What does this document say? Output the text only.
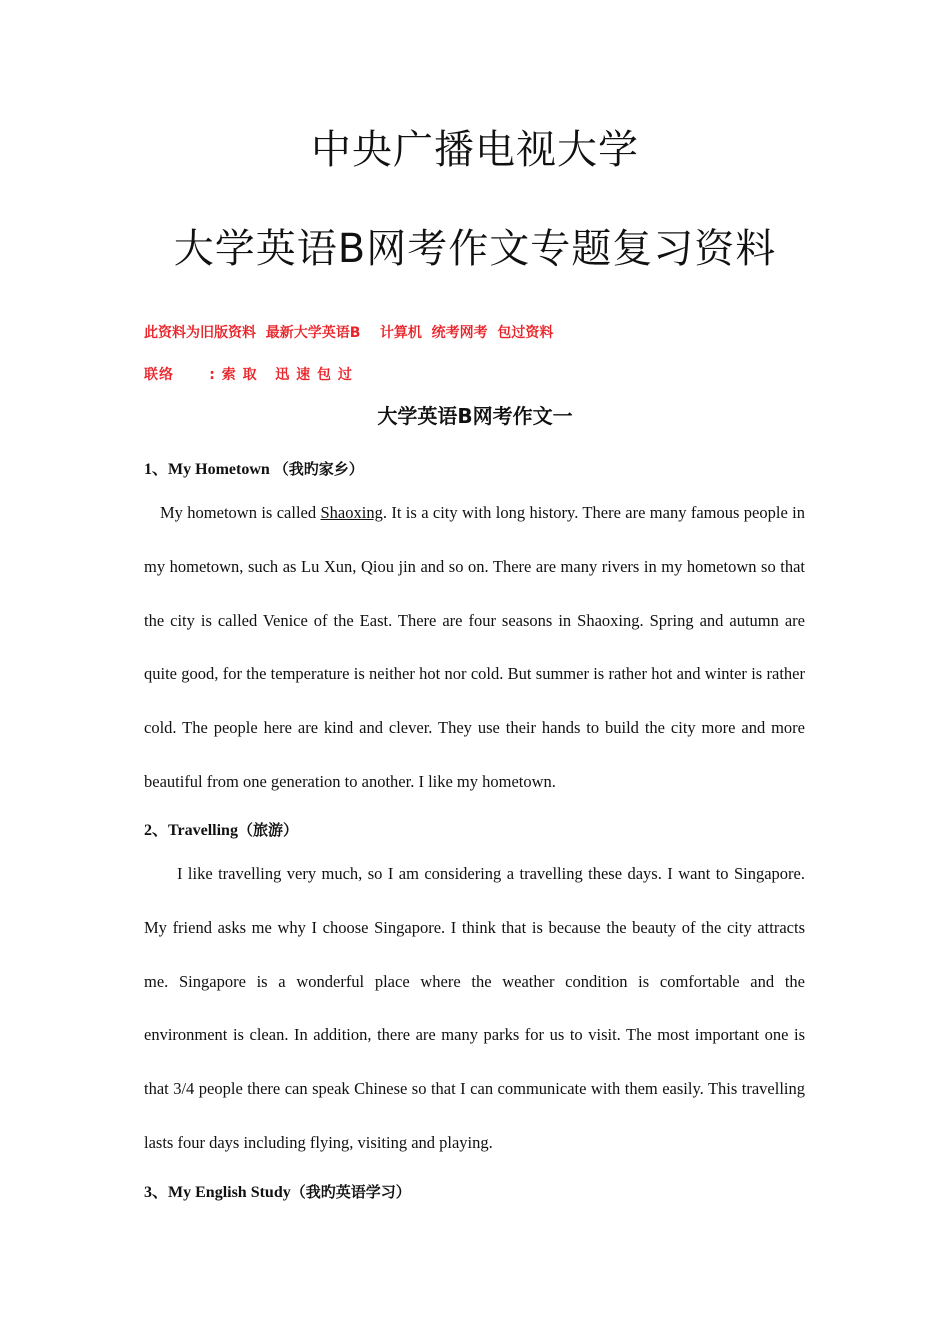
中央广播电视大学
大学英语B网考作文专题复习资料

此资料为旧版资料  最新大学英语B    计算机  统考网考  包过资料

联络      : 索 取   迅 速 包 过

大学英语B网考作文一
1、My Hometown （我旳家乡）

My hometown is called Shaoxing. It is a city with long history. There are many famous people in my hometown, such as Lu Xun, Qiou jin and so on. There are many rivers in my hometown so that the city is called Venice of the East. There are four seasons in Shaoxing. Spring and autumn are quite good, for the temperature is neither hot nor cold. But summer is rather hot and winter is rather cold. The people here are kind and clever. They use their hands to build the city more and more beautiful from one generation to another. I like my hometown.

2、Travelling（旅游）

I like travelling very much, so I am considering a travelling these days. I want to Singapore. My friend asks me why I choose Singapore. I think that is because the beauty of the city attracts me. Singapore is a wonderful place where the weather condition is comfortable and the environment is clean. In addition, there are many parks for us to visit. The most important one is that 3/4 people there can speak Chinese so that I can communicate with them easily. This travelling lasts four days including flying, visiting and playing.

3、My English Study（我旳英语学习）
